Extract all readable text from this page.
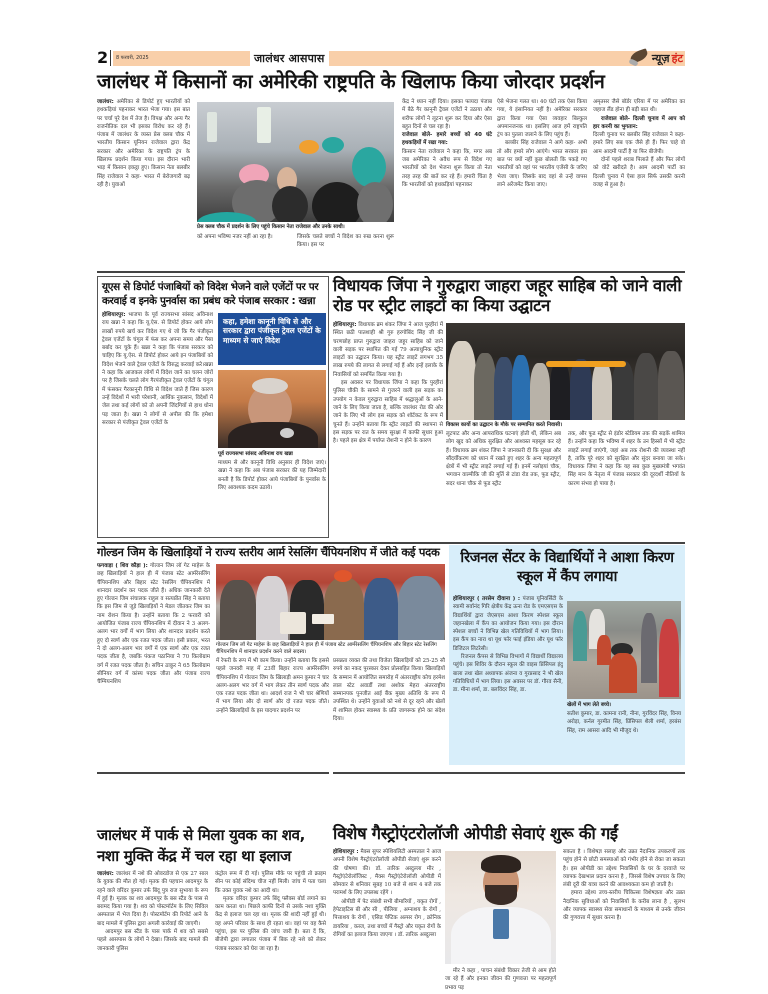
2 8 फरवरी, 2025	जालंधर आसपास	न्यूज़ हंट
जालंधर में किसानों का अमेरिकी राष्ट्रपति के खिलाफ किया जोरदार प्रदर्शन
जालंधर: अमेरिका से डिपोर्ट हुए भारतीयों को हथकड़ियां पहनाकर भारत भेजा गया। इस बात पर चर्चा पूरे देश में तेज है। विपक्ष और अन्य गैर राजनीतिक दल भी इसका विरोध कर रहे हैं। पंजाब में जालंधर के व्यस्त प्रेस क्लब चौक में भारतीय किसान यूनियन राजेवाल द्वारा केंद्र सरकार और अमेरिका के राष्ट्रपति ट्रंप के खिलाफ प्रदर्शन किया गया। इस दौरान भारी भाड़ में किसान इकट्ठा हुए। किसान नेता बलबीर सिंह राजेवाल ने कहा- भारत में बेरोजगारी बढ़ रही है। युवाओं
प्रेस क्लब चौक में प्रदर्शन के लिए पहुंचे किसान नेता राजेवाल और उनके साथी।
को अपना भविष्य नजर नहीं आ रहा है।	जिसके चलते बच्चों ने विदेश का रुख करना शुरू किया। इस पर
केंद्र ने ध्यान नहीं दिया। इसका फायदा पंजाब में बैठे गैर कानूनी ट्रैवल एजेंटों ने उठाया और शरीफ लोगों ने लूटना शुरू कर दिया और ऐसा बहुत दिनों से चल रहा है।
राजेवाल बोले- हमारे बच्चों को 40 घंटे हथकड़ियों में रखा गया:
किसान नेता राजेवाल ने कहा कि, मगर अब जब अमेरिका ने अवैध रूप से विदेश गए भारतीयों को देश भेजना शुरू किया तो नेता तरह तरह की बातें कर रहे हैं। हमारी चिंता है कि भारतीयों को हथकड़ियां पहनाकर
ऐसे भेजना गलत था। 40 घंटों तक ऐसा किया गया, ये इंसानियत नहीं है। अमेरिका सरकार द्वारा किया गया ऐसा व्यवहार बिल्कुल अपमानजनक था। इसलिए आज हमें राष्ट्रपति ट्रंप का पुतला जलाने के लिए पहुंच हैं।
बलबीर सिंह राजेवाल ने आगे कहा- अभी तो और हमारे लोग आएंगे। भारत सरकार इस बात पर क्यों नहीं कुछ बोलती कि पकड़े गए भारतीयों को वहां पर भारतीय एजेंसी के जरिए भेजा जाए। जिसके बाद वहां से उन्हें वापस लाने अरेंजमेंट किया जाए।
अमृतसर जैसे बॉर्डर एरिया में पर अमेरिका का जहाज लैंड होना ही बड़ी बात थी।
राजेवाल बोले- दिल्ली चुनाव में आप को हार करनी का भुगतान:
दिल्ली चुनाव पर बलबीर सिंह राजेवाल ने कहा- हमारे लिए सब एक जैसे ही हैं। फिर चाहे वो आम आदमी पार्टी है या फिर बीजेपी।
दोनों पहले शराब पिलाते हैं और फिर लोगों को वोटें खरीदते है। आम आदमी पार्टी का दिल्ली चुनाव में ऐसा हाल सिर्फ उसकी करनी वजह से हुआ है।
यूएस से डिपोर्ट पंजाबियों को विदेश भेजने वाले एजेंटों पर पर करवाई व इनके पुनर्वास का प्रबंध करे पंजाब सरकार : खन्ना
होशियारपुर: भाजपा के पूर्व राज्यसभा सांसद अविनाश राय खन्ना ने कहा कि यू.ऐस. से डिपोर्ट होकर आये लोग लाखों रुपये खर्च कर विदेश गए थे जो कि गैर पंजीकृत ट्रेवल एजेंटों के चंगुल में फंस कर अपना समय और पैसा बर्बाद कर चुके हैं। खन्ना ने कहा कि पंजाब सरकार को चाहिए कि यू.ऐस. से डिपोर्ट होकर आये इन पंजाबियों को विदेश भेजने वाले ट्रेवल एजेंटों के विरुद्ध करवाई करे।खन्ना ने कहा कि आजकल लोगों में विदेश जाने का चलन जोरों पर है जिसके चलते लोग गैरपंजीकृत ट्रेवल एजेंटों के चंगुल में फंसकर गैरकानूनी विधि से विदेश जाते हैं जिस कारण उन्हें विदेशों में भारी परेशानी, आर्थिक नुकसान, विदेशों में जेल तथा कई लोगों को तो अपनी जिंदगियों से हाथ धोना पड़ जाता है। खन्ना ने लोगों से अपील की कि हमेशा सरकार से पंजीकृत ट्रेवल एजेंटों के
कहा, हमेशा कानूनी विधि से और सरकार द्वारा पंजीकृत ट्रेवल एजेंटों के माध्यम से जाएं विदेश
पूर्व राज्यसभा सांसद अविनाश राय खन्ना
माध्यम से और कानूनी विधि अनुसार ही विदेश जाएं। खन्ना ने कहा कि अब पंजाब सरकार की यह जिम्मेदारी बनती है कि डिपोर्ट होकर आये पंजाबियों के पुनर्वास के लिए आवश्यक कदम उठाये।
विधायक जिंपा ने गुरुद्वारा जाहरा जहूर साहिब को जाने वाली रोड पर स्ट्रीट लाइटों का किया उद्घाटन
होशियारपुर: विधायक ब्रम शंकर जिंपा ने आज पुरहीरां में स्थित छठी पातशाही श्री गुरु हरगोबिंद सिंह जी की चरणछोह प्राप्त गुरुद्वारा जाहरा जहूर साहिब को जाने वाली सड़क पर स्थापित की गई 79 अत्याधुनिक स्ट्रीट लाइटों का उद्घाटन किया। यह स्ट्रीट लाइटें लगभग 35 लाख रुपये की लागत से लगाई गई हैं और इन्हें इलाके के निवासियों को समर्पित किया गया है।
इस अवसर पर विधायक जिंपा ने कहा कि पुरहीरां पुलिस चौकी के सामने से गुजरने वाली इस सड़क का उपयोग न केवल गुरुद्वारा साहिब में श्रद्धालुओं के आने-जाने के लिए किया जाता है, बल्कि जालंधर रोड की ओर जाने के लिए भी लोग इस सड़क को शॉर्टकट के रूप में चुनते हैं। उन्होंने बताया कि स्ट्रीट लाइटों की स्थापना से इस सड़क पर रात के समय सुरक्षा में काफी सुधार हुआ है। पहले इस क्षेत्र में पर्याप्त रोशनी न होने के कारण
विकास कार्यो का उद्घाटन के मौके पर सम्मानित करते निवासी।
लूटपाट और अन्य आपराधिक घटनाएं होती थीं, लेकिन अब लोग खुद को अधिक सुरक्षित और आश्वस्त महसूस कर रहे हैं। विधायक ब्रम शंकर जिंपा ने जानकारी दी कि सुरक्षा और सौंदर्यीकरण को ध्यान में रखते हुए शहर के अन्य महत्वपूर्ण क्षेत्रों में भी स्ट्रीट लाइटें लगाई गई हैं। इनमें नलोइयां चौक, भगवान वाल्मीकि जी की मूर्ति से टांडा रोड तक, फूड स्ट्रीट, सदर थाना चौक से फूड स्ट्रीट
तक, और फूड स्ट्रीट से इंडोर स्टेडियम तक की सड़कें शामिल हैं। उन्होंने कहा कि भविष्य में शहर के उन हिस्सों में भी स्ट्रीट लाइटें लगाई जाएंगी, जहां अब तक रोशनी की व्यवस्था नहीं है, ताकि पूरे शहर को सुरक्षित और सुंदर बनाया जा सके। विधायक जिंपा ने कहा कि यह सब कुछ मुख्यमंत्री भगवंत सिंह मान के नेतृत्व में पंजाब सरकार की दूरदर्शी नीतियों के कारण संभव हो पाया है।
गोल्डन जिम के खिलाड़ियों ने राज्य स्तरीय आर्म रेसलिंग चैंपियनशिप में जीते कई पदक
फगवाड़ा ( शिव कौड़ा ): गोल्डन जिम लॉ गेट माहेरू के छह खिलाड़ियों ने हाल ही में पंजाब स्टेट आर्मरेसलिंग चैंपियनशिप और बिहार स्टेट रेसलिंग चैंपियनशिप में शानदार प्रदर्शन कर पदक जीते हैं। अधिक जानकारी देते हुए गोल्डन जिम संचालक राहुल व सत्यप्रीत सिंह ने बताया कि इस जिम से जुड़े खिलाड़ियों ने मेडल जीतकर जिम का नाम रोशन किया है। उन्होंने बताया कि 2 फरवरी को आयोजित पंजाब राज्य चैंपियनशिप में दीवान ने 3 अलग-अलग भार वर्गों में भाग लिया और शानदार प्रदर्शन करते हुए दो स्वर्ण और एक रजत पदक जीता। इसी प्रकार, भरत ने दो अलग-अलग भार वर्गों में एक स्वर्ण और एक रजत पदक जीता है, जबकि पंकज पठानिया ने 70 किलोग्राम वर्ग में रजत पदक जीता है। सचिन ठाकुर ने 65 किलोग्राम सीनियर वर्ग में कांस्य पदक जीता और पंजाब राज्य चैम्पियनशिप
गोल्डन जिम लॉ गेट माहेरू के छह खिलाड़ियों ने हाल ही में पंजाब स्टेट आर्मरेसलिंग चैंपियनशिप और बिहार स्टेट रेसलिंग चैंपियनशिप में शानदार प्रदर्शन करने वाले सदस्य।
में रेफरी के रूप में भी काम किया। उन्होंने बताया कि इससे पहले जनवरी माह में 23वीं बिहार राज्य आर्मरेसलिंग चैंपियनशिप में गोल्डन जिम के खिलाड़ी अमन कुमार ने चार अलग-अलग भार वर्ग में भाग लेकर तीन स्वर्ण पदक और एक रजत पदक जीता था। आदर्श राज ने भी चार श्रेणियों में भाग लिया और दो स्वर्ण और दो रजत पदक जीते। उन्होंने खिलाड़ियों के इस यादगार प्रदर्शन पर
प्रसन्नता व्यक्त की तथा विजेता खिलाड़ियों को 25-25 सौ रुपये का नकद पुरस्कार देकर प्रोत्साहित किया। खिलाड़ियों के सम्मान में आयोजित समारोह में अंतरराष्ट्रीय कोच हरमेश लाल स्टेट अवार्डी तथा अशोक मेहरा अंतरराष्ट्रीय सम्मानपक पुनजीत आई बैंक मुख्य अतिथि के रूप में उपस्थित थे। उन्होंने युवाओं को नशे से दूर रहने और खेलों में शामिल होकर स्वास्थ्य के प्रति जागरूक होने का संदेश दिया।
रिजनल सेंटर के विद्यार्थियों ने आशा किरण स्कूल में कैंप लगाया
होशियारपुर ( तरसेम दीवाना ) : पंजाब यूनिवर्सिटी के स्वामी सर्वानंद गिरि क्षेत्रीय केंद्र ऊना रोड के एमएसएस के विद्यार्थियों द्वारा जेएसएस आशा किरण स्पेशल स्कूल जहानखेला में कैंप का आयोजन किया गया। इस दौरान स्पेशल बच्चों ने विभिन्न खेल गतिविधियों में भाग लिया। इस कैंप का नारा था यूथ फॉर फाई इंडिया और यूथ फॉर डिजिटल लिटरेसी।
रिजनल कैंपस से विभिन्न विभागों में विद्यार्थी विद्यालय पहुंचे। इस शिविर के दौरान स्कूल की वाइस प्रिंसिपल इंदु बाला तथा खेल अध्यापक अंजना व गुरप्रसाद ने भी खेल गतिविधियों में भाग लिया। इस अवसर पर डॉ. गौरव सैनी, डा. मीना शर्मा, डा. बलविंदर सिंह, डा.
खेलों में भाग लेते बच्चे।
सतीश कुमार, डा. कामना रानी, नीना, गुरविंदर सिंह, विनय अरोड़ा, कर्नल गुरमीत सिंह, प्रिंसिपल शैली शर्मा, हरबंस सिंह, राम आसरा आदि भी मौजूद थे।
जालंधर में पार्क से मिला युवक का शव, नशा मुक्ति केंद्र में चल रहा था इलाज
जालंधर: जालंधर में नशे की ओवरडोज से एक 27 साल के युवक की मौत हो गई। मृतक की पहचान आदमपुर के रहने वाले वरिंदर कुमार उर्फ बिंदू पुत्र राज सुभाया के रूप में हुई है। मृतक का शव आदमपुर के बस स्टैंड के पास से बरामद किया गया है। शव को पोस्टमॉर्टम के लिए सिविल अस्पताल में भेज दिया है। पोस्टमॉर्टम की रिपोर्ट आने के बाद मामले में पुलिस द्वारा अगली कार्रवाई की जाएगी।
आदमपुर बस स्टैंड के पास पार्क में शव को सबसे पहले आसपास के लोगों ने देखा। जिसके बाद मामले की जानकारी पुलिस
कंट्रोल रूम में दी गई। पुलिस मौके पर पहुंची तो क्राइम सीन पर कोई संदिग्ध चीज नहीं मिली। जांच में पता चला कि उक्त युवक नशे का आदी था।
मृतक वरिंदर कुमार उर्फ बिंदू फ्लैक्स बोर्ड लगाने का काम करता था। पिछले काफी दिनों से उसके नशा मुक्ति केंद्र से इलाज चल रहा था। मृतक की शादी नहीं हुई थी। वह अपने परिवार के साथ ही रहता था। वहां पर वह कैसे पहुंचा, इस पर पुलिस की जांच जारी है। बता दें कि, बीजेपी द्वारा लगातार पंजाब में बिक रहे नशे को लेकर पंजाब सरकार को घेरा जा रहा है।
विशेष गैस्ट्रोएंटरोलॉजी ओपीडी सेवाएं शुरू की गईं
होशियारपुर : मैक्स सुपर स्पेशियलिटी अस्पताल ने आज अपनी विशेष गैस्ट्रोएंटरोलॉजी ओपीडी सेवाएं शुरू करने की घोषणा की। डॉ. तारिक अब्दुल्ला मीर , गैस्ट्रोएंटेरोलॉजिस्ट , मैक्स गैस्ट्रोएंटेरोलॉजी ओपीडी में सोमवार से शनिवार सुबह 10 बजे से शाम 4 बजे तक परामर्श के लिए उपलब्ध रहेंगे ।
ओपीडी में पेट संबंधी सभी बीमारियों , यकृत रोगों , हेपेटाइटिस बी और सी , पीलिया , अग्नाशय के रोगों , पित्ताशय के रोगों , एसिड पेप्टिक अल्सर रोग , क्रोनिक डायरिया , कब्ज, तथा बच्चों में गैस्ट्रो और यकृत रोगों के रोगियों का इलाज किया जाएगा । डॉ. तारिक अब्दुल्ला
मीर ने कहा , पाचन संबंधी विकार तेजी से आम होते जा रहे हैं और इनका जीवन की गुणवत्ता पर महत्वपूर्ण प्रभाव पड़
सकता है । विशेषज्ञ सलाह और उन्नत नैदानिक उपकरणों तक पहुंच होने से छोटी समस्याओं को गंभीर होने से रोका जा सकता है। इस ओपीडी का उद्देश्य निवासियों के घर के दरवाजे पर व्यापक देखभाल प्रदान करना है , जिससे विशेष उपचार के लिए लंबी दूरी की यात्रा करने की आवश्यकता कम हो जाती है।
हमारा उद्देश्य उच्च-स्तरीय चिकित्सा विशेषज्ञता और उन्नत नैदानिक सुविधाओं को निवासियों के करीब लाना है , सुलभ और व्यापक स्वास्थ्य सेवा समाधानों के माध्यम से उनके जीवन की गुणवत्ता में सुधार करना है।
